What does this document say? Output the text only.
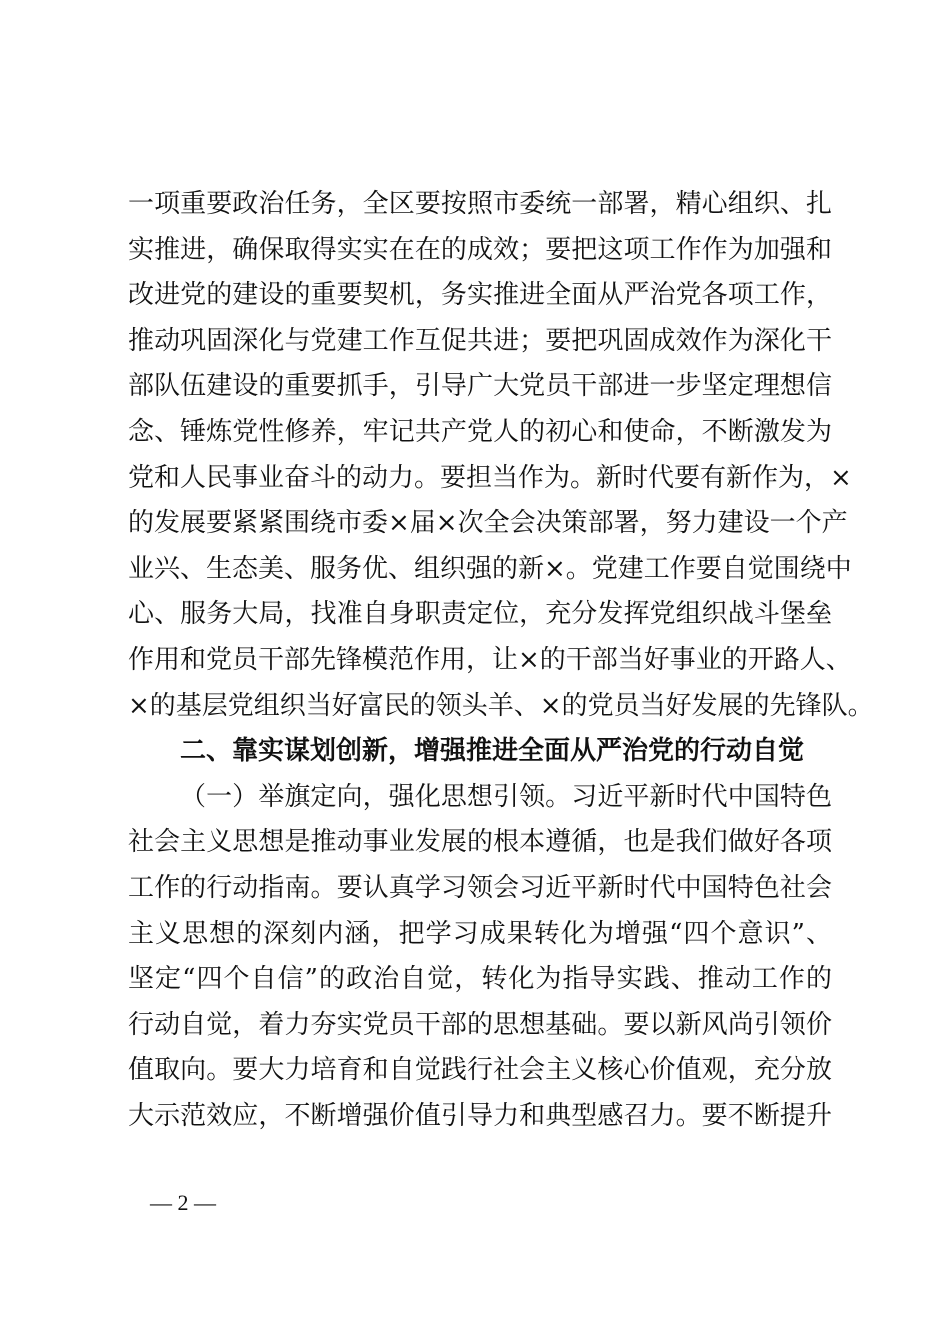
一项重要政治任务，全区要按照市委统一部署，精心组织、扎
实推进，确保取得实实在在的成效；要把这项工作作为加强和
改进党的建设的重要契机，务实推进全面从严治党各项工作，
推动巩固深化与党建工作互促共进；要把巩固成效作为深化干
部队伍建设的重要抓手，引导广大党员干部进一步坚定理想信
念、锤炼党性修养，牢记共产党人的初心和使命，不断激发为
党和人民事业奋斗的动力。要担当作为。新时代要有新作为，×
的发展要紧紧围绕市委×届×次全会决策部署，努力建设一个产
业兴、生态美、服务优、组织强的新×。党建工作要自觉围绕中
心、服务大局，找准自身职责定位，充分发挥党组织战斗堡垒
作用和党员干部先锋模范作用，让×的干部当好事业的开路人、
×的基层党组织当好富民的领头羊、×的党员当好发展的先锋队。
二、靠实谋划创新，增强推进全面从严治党的行动自觉
（一）举旗定向，强化思想引领。习近平新时代中国特色
社会主义思想是推动事业发展的根本遵循，也是我们做好各项
工作的行动指南。要认真学习领会习近平新时代中国特色社会
主义思想的深刻内涵，把学习成果转化为增强“四个意识”、
坚定“四个自信”的政治自觉，转化为指导实践、推动工作的
行动自觉，着力夯实党员干部的思想基础。要以新风尚引领价
值取向。要大力培育和自觉践行社会主义核心价值观，充分放
大示范效应，不断增强价值引导力和典型感召力。要不断提升
— 2 —
